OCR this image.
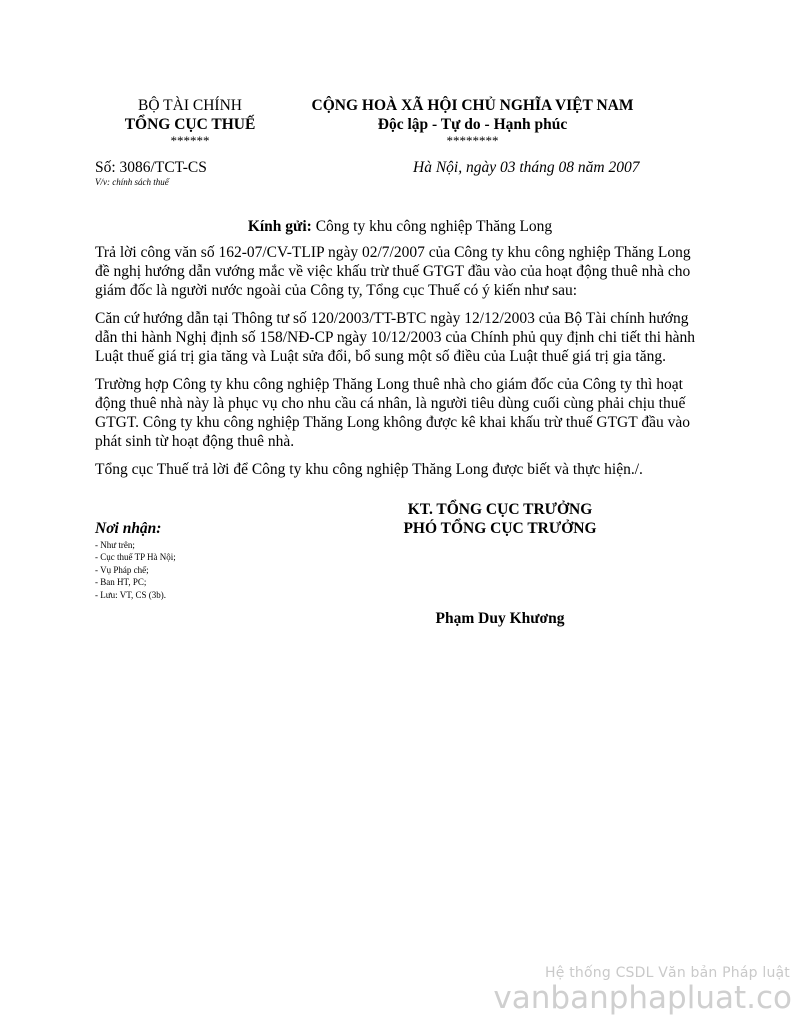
BỘ TÀI CHÍNH
TỔNG CỤC THUẾ
******
CỘNG HOÀ XÃ HỘI CHỦ NGHĨA VIỆT NAM
Độc lập - Tự do - Hạnh phúc
********
Số: 3086/TCT-CS
V/v: chính sách thuế
Hà Nội, ngày 03 tháng 08 năm 2007
Kính gửi: Công ty khu công nghiệp Thăng Long

Trả lời công văn số 162-07/CV-TLIP ngày 02/7/2007 của Công ty khu công nghiệp Thăng Long đề nghị hướng dẫn vướng mắc về việc khấu trừ thuế GTGT đầu vào của hoạt động thuê nhà cho giám đốc là người nước ngoài của Công ty, Tổng cục Thuế có ý kiến như sau:

Căn cứ hướng dẫn tại Thông tư số 120/2003/TT-BTC ngày 12/12/2003 của Bộ Tài chính hướng dẫn thi hành Nghị định số 158/NĐ-CP ngày 10/12/2003 của Chính phủ quy định chi tiết thi hành Luật thuế giá trị gia tăng và Luật sửa đổi, bổ sung một số điều của Luật thuế giá trị gia tăng.

Trường hợp Công ty khu công nghiệp Thăng Long thuê nhà cho giám đốc của Công ty thì hoạt động thuê nhà này là phục vụ cho nhu cầu cá nhân, là người tiêu dùng cuối cùng phải chịu thuế GTGT. Công ty khu công nghiệp Thăng Long không được kê khai khấu trừ thuế GTGT đầu vào phát sinh từ hoạt động thuê nhà.

Tổng cục Thuế trả lời để Công ty khu công nghiệp Thăng Long được biết và thực hiện./.

KT. TỔNG CỤC TRƯỞNG
PHÓ TỔNG CỤC TRƯỞNG
Phạm Duy Khương
Nơi nhận:
- Như trên;
- Cục thuế TP Hà Nội;
- Vụ Pháp chế;
- Ban HT, PC;
- Lưu: VT, CS (3b).
Hệ thống CSDL Văn bản Pháp luật
vanbanphapluat.co
